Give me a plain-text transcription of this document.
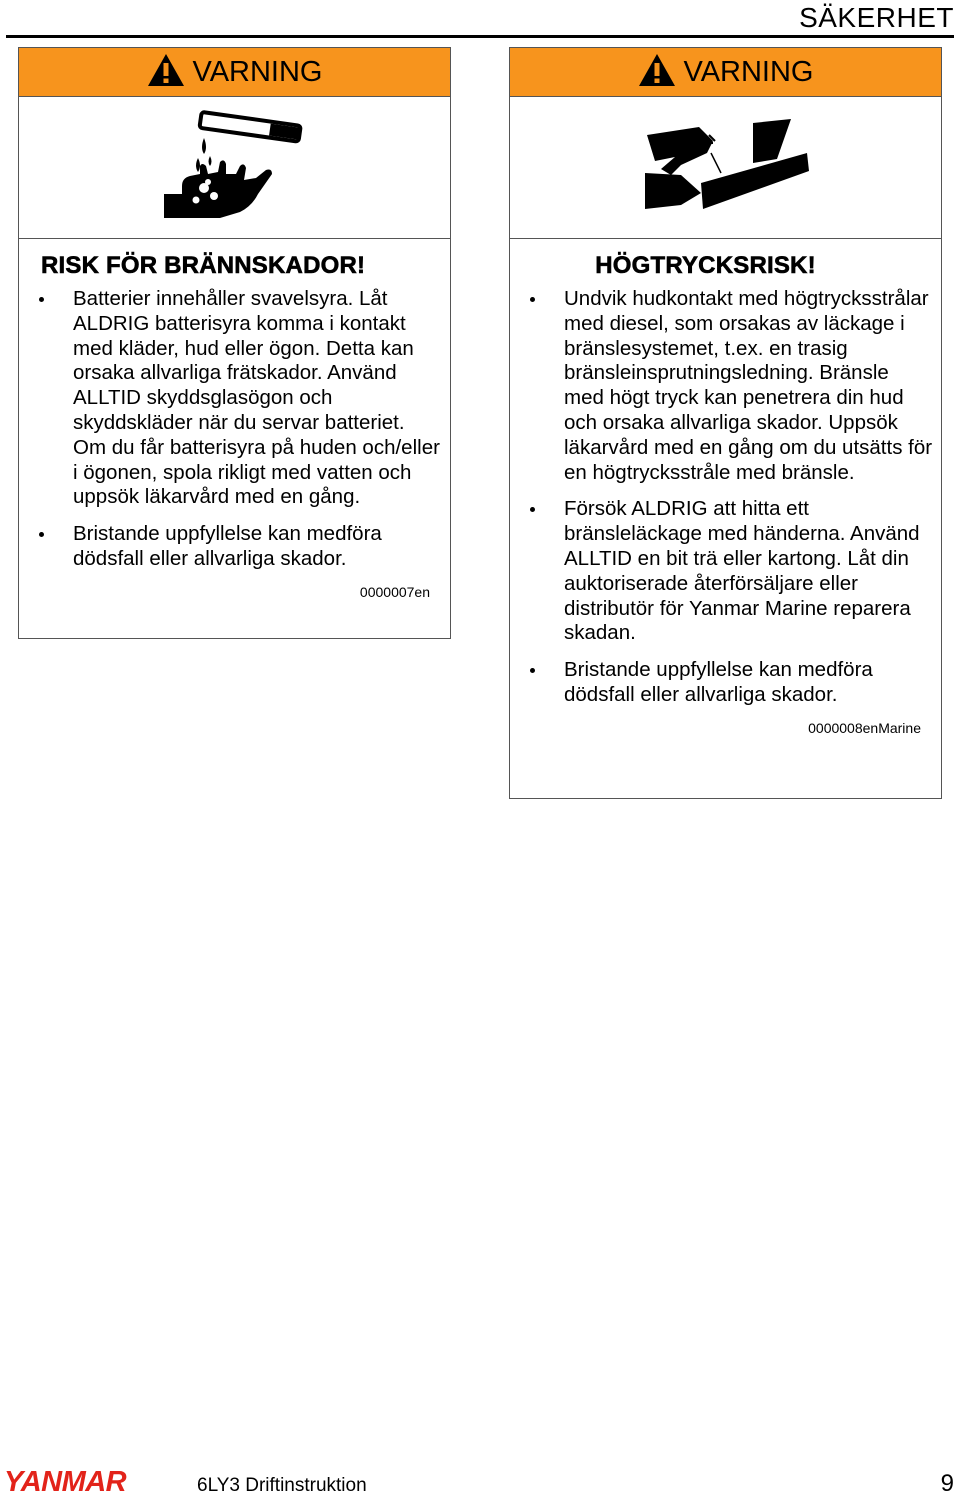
SÄKERHET
VARNING
RISK FÖR BRÄNNSKADOR!
Batterier innehåller svavelsyra. Låt ALDRIG batterisyra komma i kontakt med kläder, hud eller ögon. Detta kan orsaka allvarliga frätskador. Använd ALLTID skyddsglasögon och skyddskläder när du servar batteriet. Om du får batterisyra på huden och/eller i ögonen, spola rikligt med vatten och uppsök läkarvård med en gång.
Bristande uppfyllelse kan medföra dödsfall eller allvarliga skador.
0000007en
VARNING
HÖGTRYCKSRISK!
Undvik hudkontakt med högtrycksstrålar med diesel, som orsakas av läckage i bränslesystemet, t.ex. en trasig bränsleinsprutningsledning. Bränsle med högt tryck kan penetrera din hud och orsaka allvarliga skador. Uppsök läkarvård med en gång om du utsätts för en högtrycksstråle med bränsle.
Försök ALDRIG att hitta ett bränsleläckage med händerna. Använd ALLTID en bit trä eller kartong. Låt din auktoriserade återförsäljare eller distributör för Yanmar Marine reparera skadan.
Bristande uppfyllelse kan medföra dödsfall eller allvarliga skador.
0000008enMarine
YANMAR	6LY3 Driftinstruktion	9
